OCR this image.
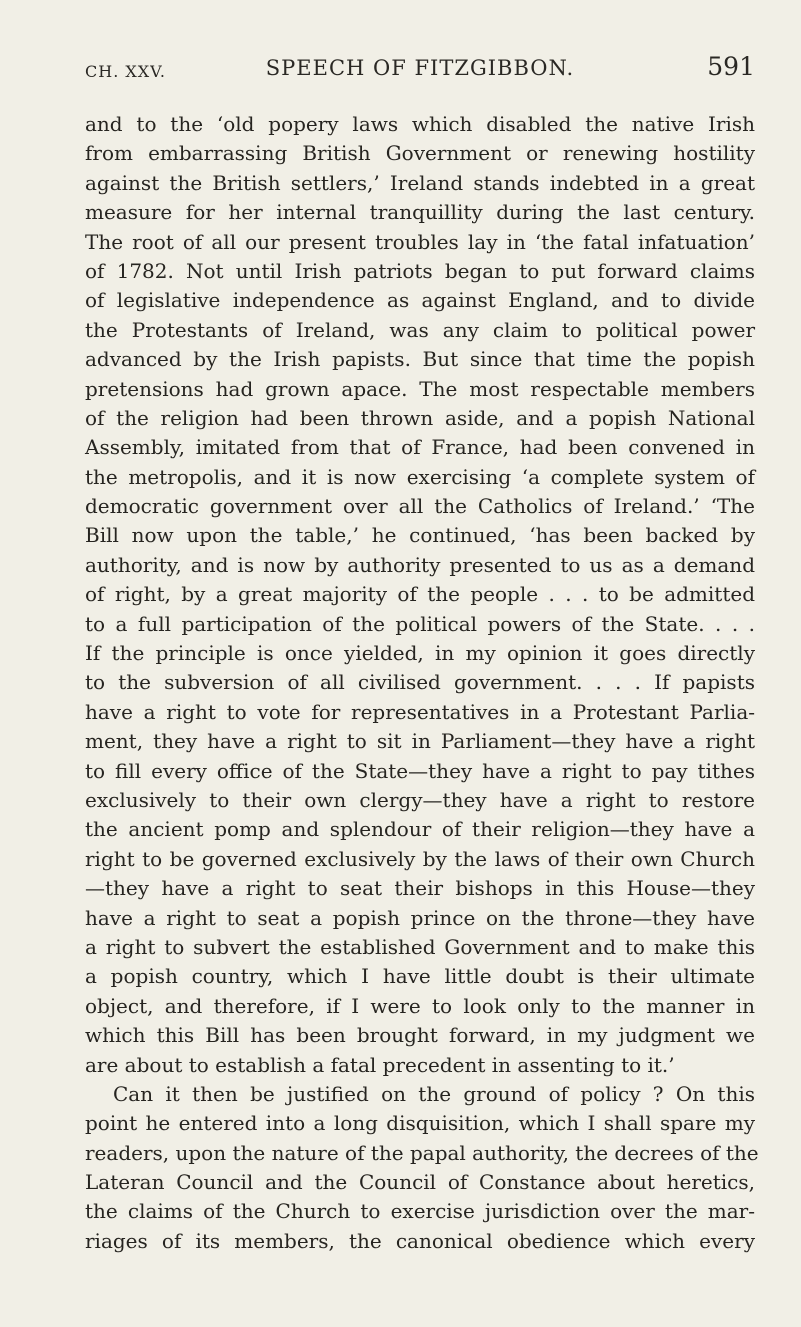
CH. XXV.	SPEECH OF FITZGIBBON.	591
and to the ‘old popery laws which disabled the native Irish
from embarrassing British Government or renewing hostility
against the British settlers,’ Ireland stands indebted in a great
measure for her internal tranquillity during the last century.
The root of all our present troubles lay in ‘the fatal infatuation’
of 1782. Not until Irish patriots began to put forward claims
of legislative independence as against England, and to divide
the Protestants of Ireland, was any claim to political power
advanced by the Irish papists. But since that time the popish
pretensions had grown apace. The most respectable members
of the religion had been thrown aside, and a popish National
Assembly, imitated from that of France, had been convened in
the metropolis, and it is now exercising ‘a complete system of
democratic government over all the Catholics of Ireland.’ ‘The
Bill now upon the table,’ he continued, ‘has been backed by
authority, and is now by authority presented to us as a demand
of right, by a great majority of the people . . . to be admitted
to a full participation of the political powers of the State. . . .
If the principle is once yielded, in my opinion it goes directly
to the subversion of all civilised government. . . . If papists
have a right to vote for representatives in a Protestant Parlia-
ment, they have a right to sit in Parliament—they have a right
to fill every office of the State—they have a right to pay tithes
exclusively to their own clergy—they have a right to restore
the ancient pomp and splendour of their religion—they have a
right to be governed exclusively by the laws of their own Church
—they have a right to seat their bishops in this House—they
have a right to seat a popish prince on the throne—they have
a right to subvert the established Government and to make this
a popish country, which I have little doubt is their ultimate
object, and therefore, if I were to look only to the manner in
which this Bill has been brought forward, in my judgment we
are about to establish a fatal precedent in assenting to it.’
Can it then be justified on the ground of policy ? On this
point he entered into a long disquisition, which I shall spare my
readers, upon the nature of the papal authority, the decrees of the
Lateran Council and the Council of Constance about heretics,
the claims of the Church to exercise jurisdiction over the mar-
riages of its members, the canonical obedience which every
